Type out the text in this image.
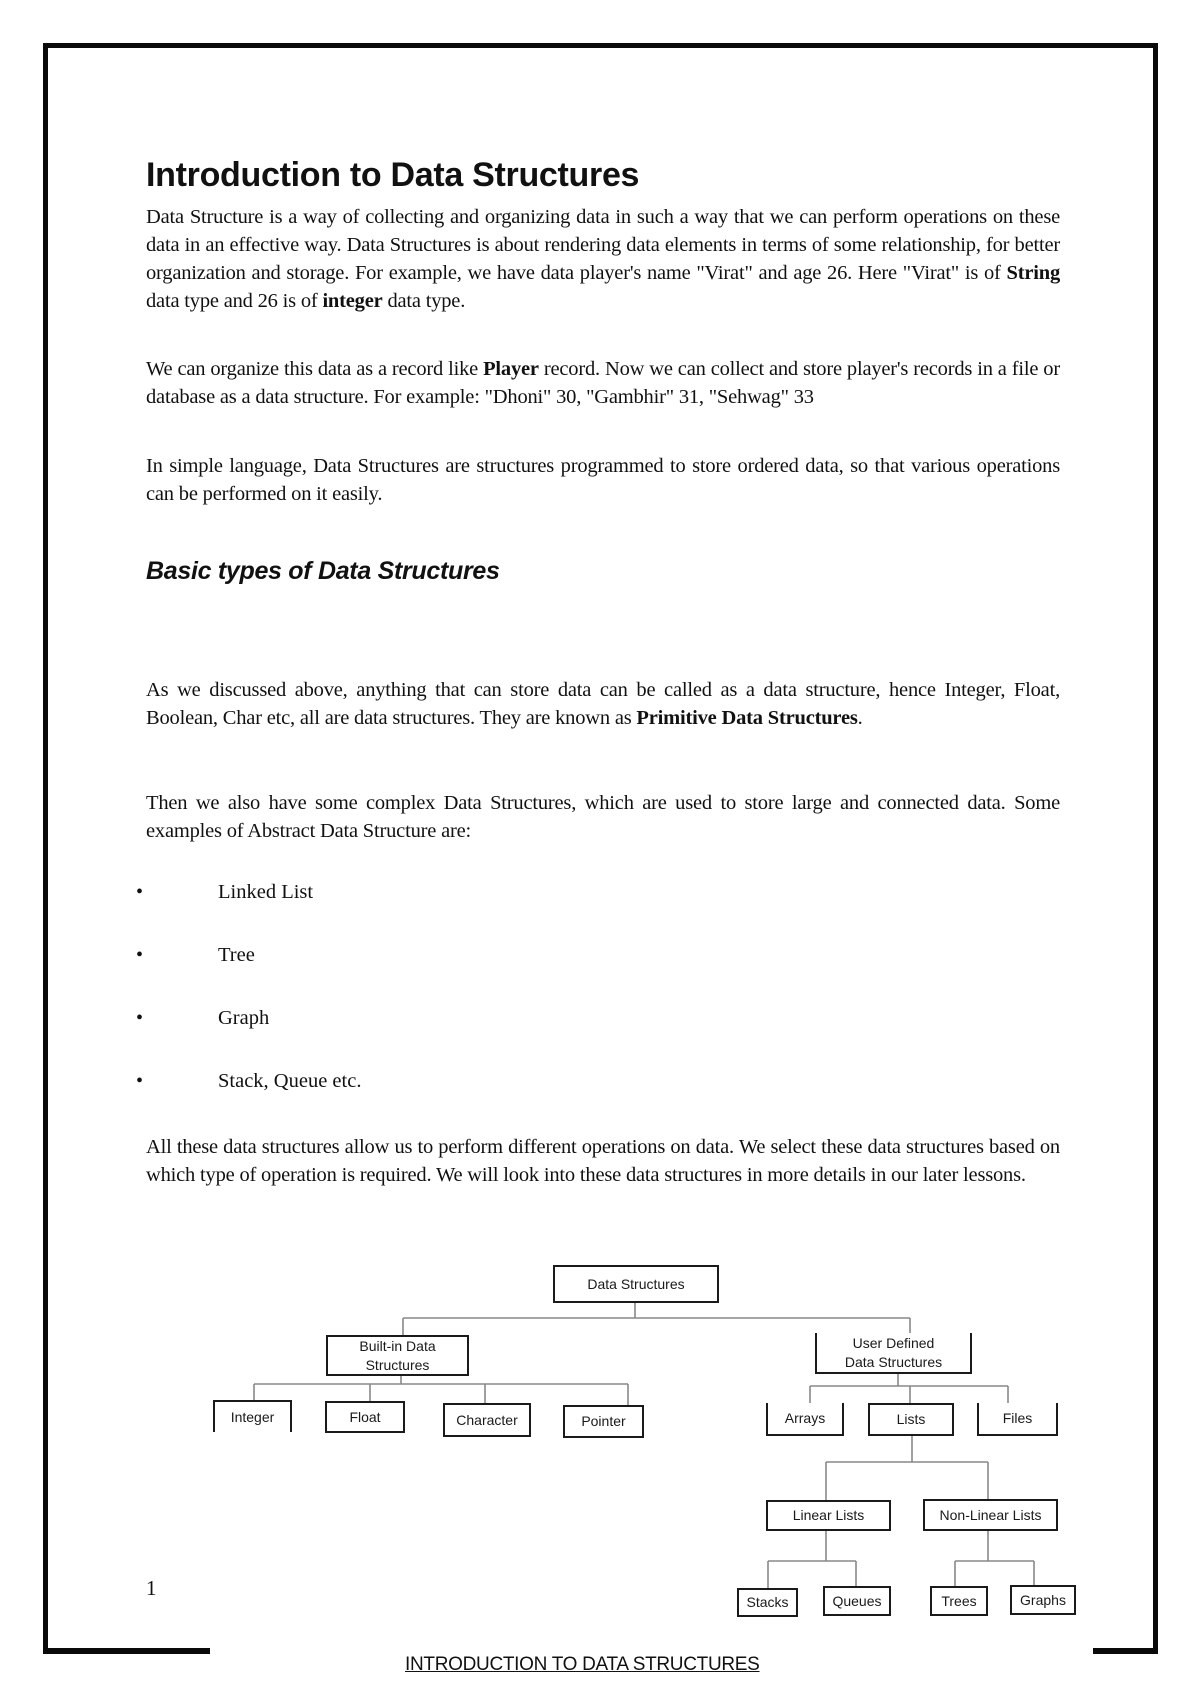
Introduction to Data Structures

Data Structure is a way of collecting and organizing data in such a way that we can perform operations on these data in an effective way. Data Structures is about rendering data elements in terms of some relationship, for better organization and storage. For example, we have data player's name "Virat" and age 26. Here "Virat" is of String data type and 26 is of integer data type.

We can organize this data as a record like Player record. Now we can collect and store player's records in a file or database as a data structure. For example: "Dhoni" 30, "Gambhir" 31, "Sehwag" 33

In simple language, Data Structures are structures programmed to store ordered data, so that various operations can be performed on it easily.

Basic types of Data Structures

As we discussed above, anything that can store data can be called as a data structure, hence Integer, Float, Boolean, Char etc, all are data structures. They are known as Primitive Data Structures.

Then we also have some complex Data Structures, which are used to store large and connected data. Some examples of Abstract Data Structure are:

•	Linked List
•	Tree
•	Graph
•	Stack, Queue etc.

All these data structures allow us to perform different operations on data. We select these data structures based on which type of operation is required. We will look into these data structures in more details in our later lessons.

Data Structures
Built-in Data
Structures
User Defined
Data Structures
Integer	Float	Character	Pointer	Arrays	Lists	Files
Linear Lists	Non-Linear Lists
Stacks	Queues	Trees	Graphs
1
INTRODUCTION TO DATA STRUCTURES
